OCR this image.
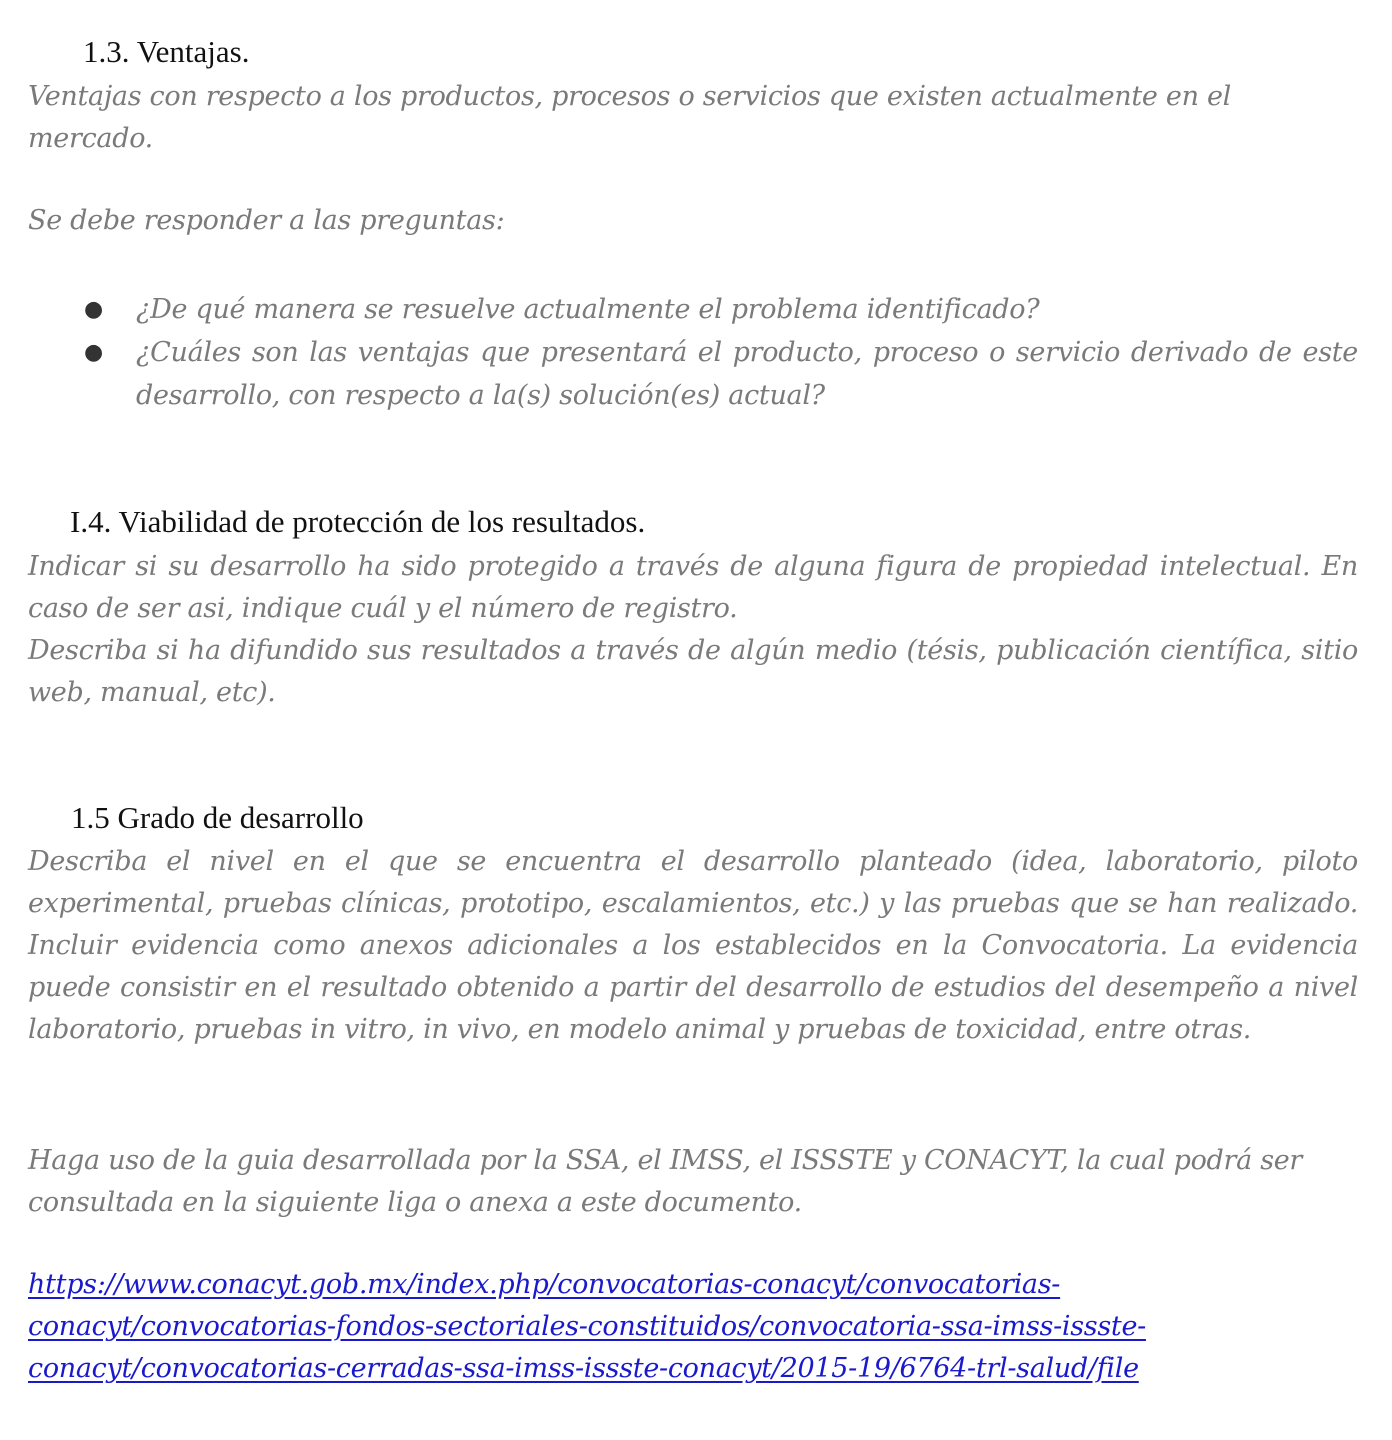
1.3. Ventajas.
Ventajas con respecto a los productos, procesos o servicios que existen actualmente en el mercado.
Se debe responder a las preguntas:
● ¿De qué manera se resuelve actualmente el problema identificado?
● ¿Cuáles son las ventajas que presentará el producto, proceso o servicio derivado de este desarrollo, con respecto a la(s) solución(es) actual?
I.4. Viabilidad de protección de los resultados.
Indicar si su desarrollo ha sido protegido a través de alguna figura de propiedad intelectual. En caso de ser asi, indique cuál y el número de registro.
Describa si ha difundido sus resultados a través de algún medio (tésis, publicación científica, sitio web, manual, etc).
1.5 Grado de desarrollo
Describa el nivel en el que se encuentra el desarrollo planteado (idea, laboratorio, piloto experimental, pruebas clínicas, prototipo, escalamientos, etc.) y las pruebas que se han realizado. Incluir evidencia como anexos adicionales a los establecidos en la Convocatoria. La evidencia puede consistir en el resultado obtenido a partir del desarrollo de estudios del desempeño a nivel laboratorio, pruebas in vitro, in vivo, en modelo animal y pruebas de toxicidad, entre otras.
Haga uso de la guia desarrollada por la SSA, el IMSS, el ISSSTE y CONACYT, la cual podrá ser consultada en la siguiente liga o anexa a este documento.
https://www.conacyt.gob.mx/index.php/convocatorias-conacyt/convocatorias-
conacyt/convocatorias-fondos-sectoriales-constituidos/convocatoria-ssa-imss-issste-
conacyt/convocatorias-cerradas-ssa-imss-issste-conacyt/2015-19/6764-trl-salud/file
